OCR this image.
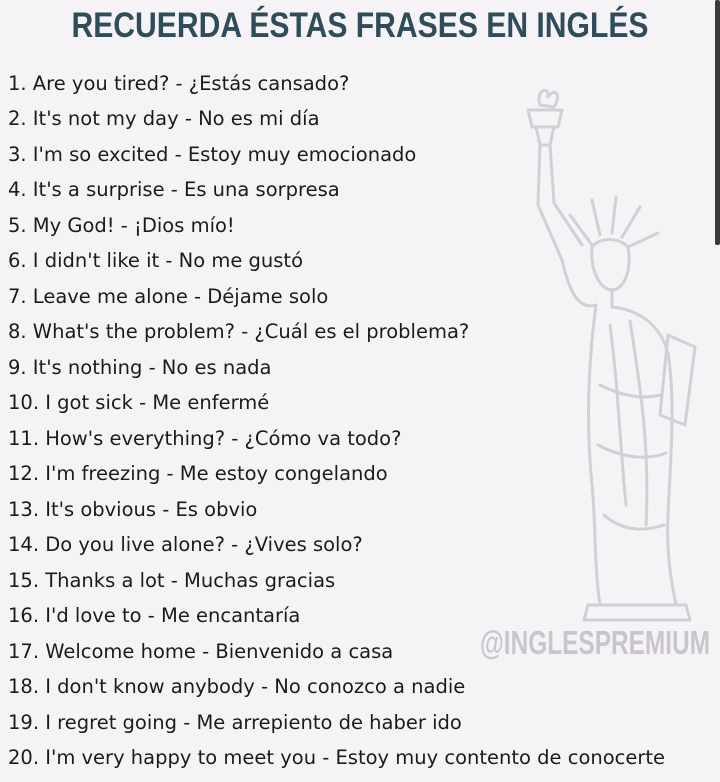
RECUERDA ÉSTAS FRASES EN INGLÉS
@INGLESPREMIUM
1. Are you tired? - ¿Estás cansado?
2. It's not my day - No es mi día
3. I'm so excited - Estoy muy emocionado
4. It's a surprise - Es una sorpresa
5. My God! - ¡Dios mío!
6. I didn't like it - No me gustó
7. Leave me alone - Déjame solo
8. What's the problem? - ¿Cuál es el problema?
9. It's nothing - No es nada
10. I got sick - Me enfermé
11. How's everything? - ¿Cómo va todo?
12. I'm freezing - Me estoy congelando
13. It's obvious - Es obvio
14. Do you live alone? - ¿Vives solo?
15. Thanks a lot - Muchas gracias
16. I'd love to - Me encantaría
17. Welcome home - Bienvenido a casa
18. I don't know anybody - No conozco a nadie
19. I regret going - Me arrepiento de haber ido
20. I'm very happy to meet you - Estoy muy contento de conocerte
